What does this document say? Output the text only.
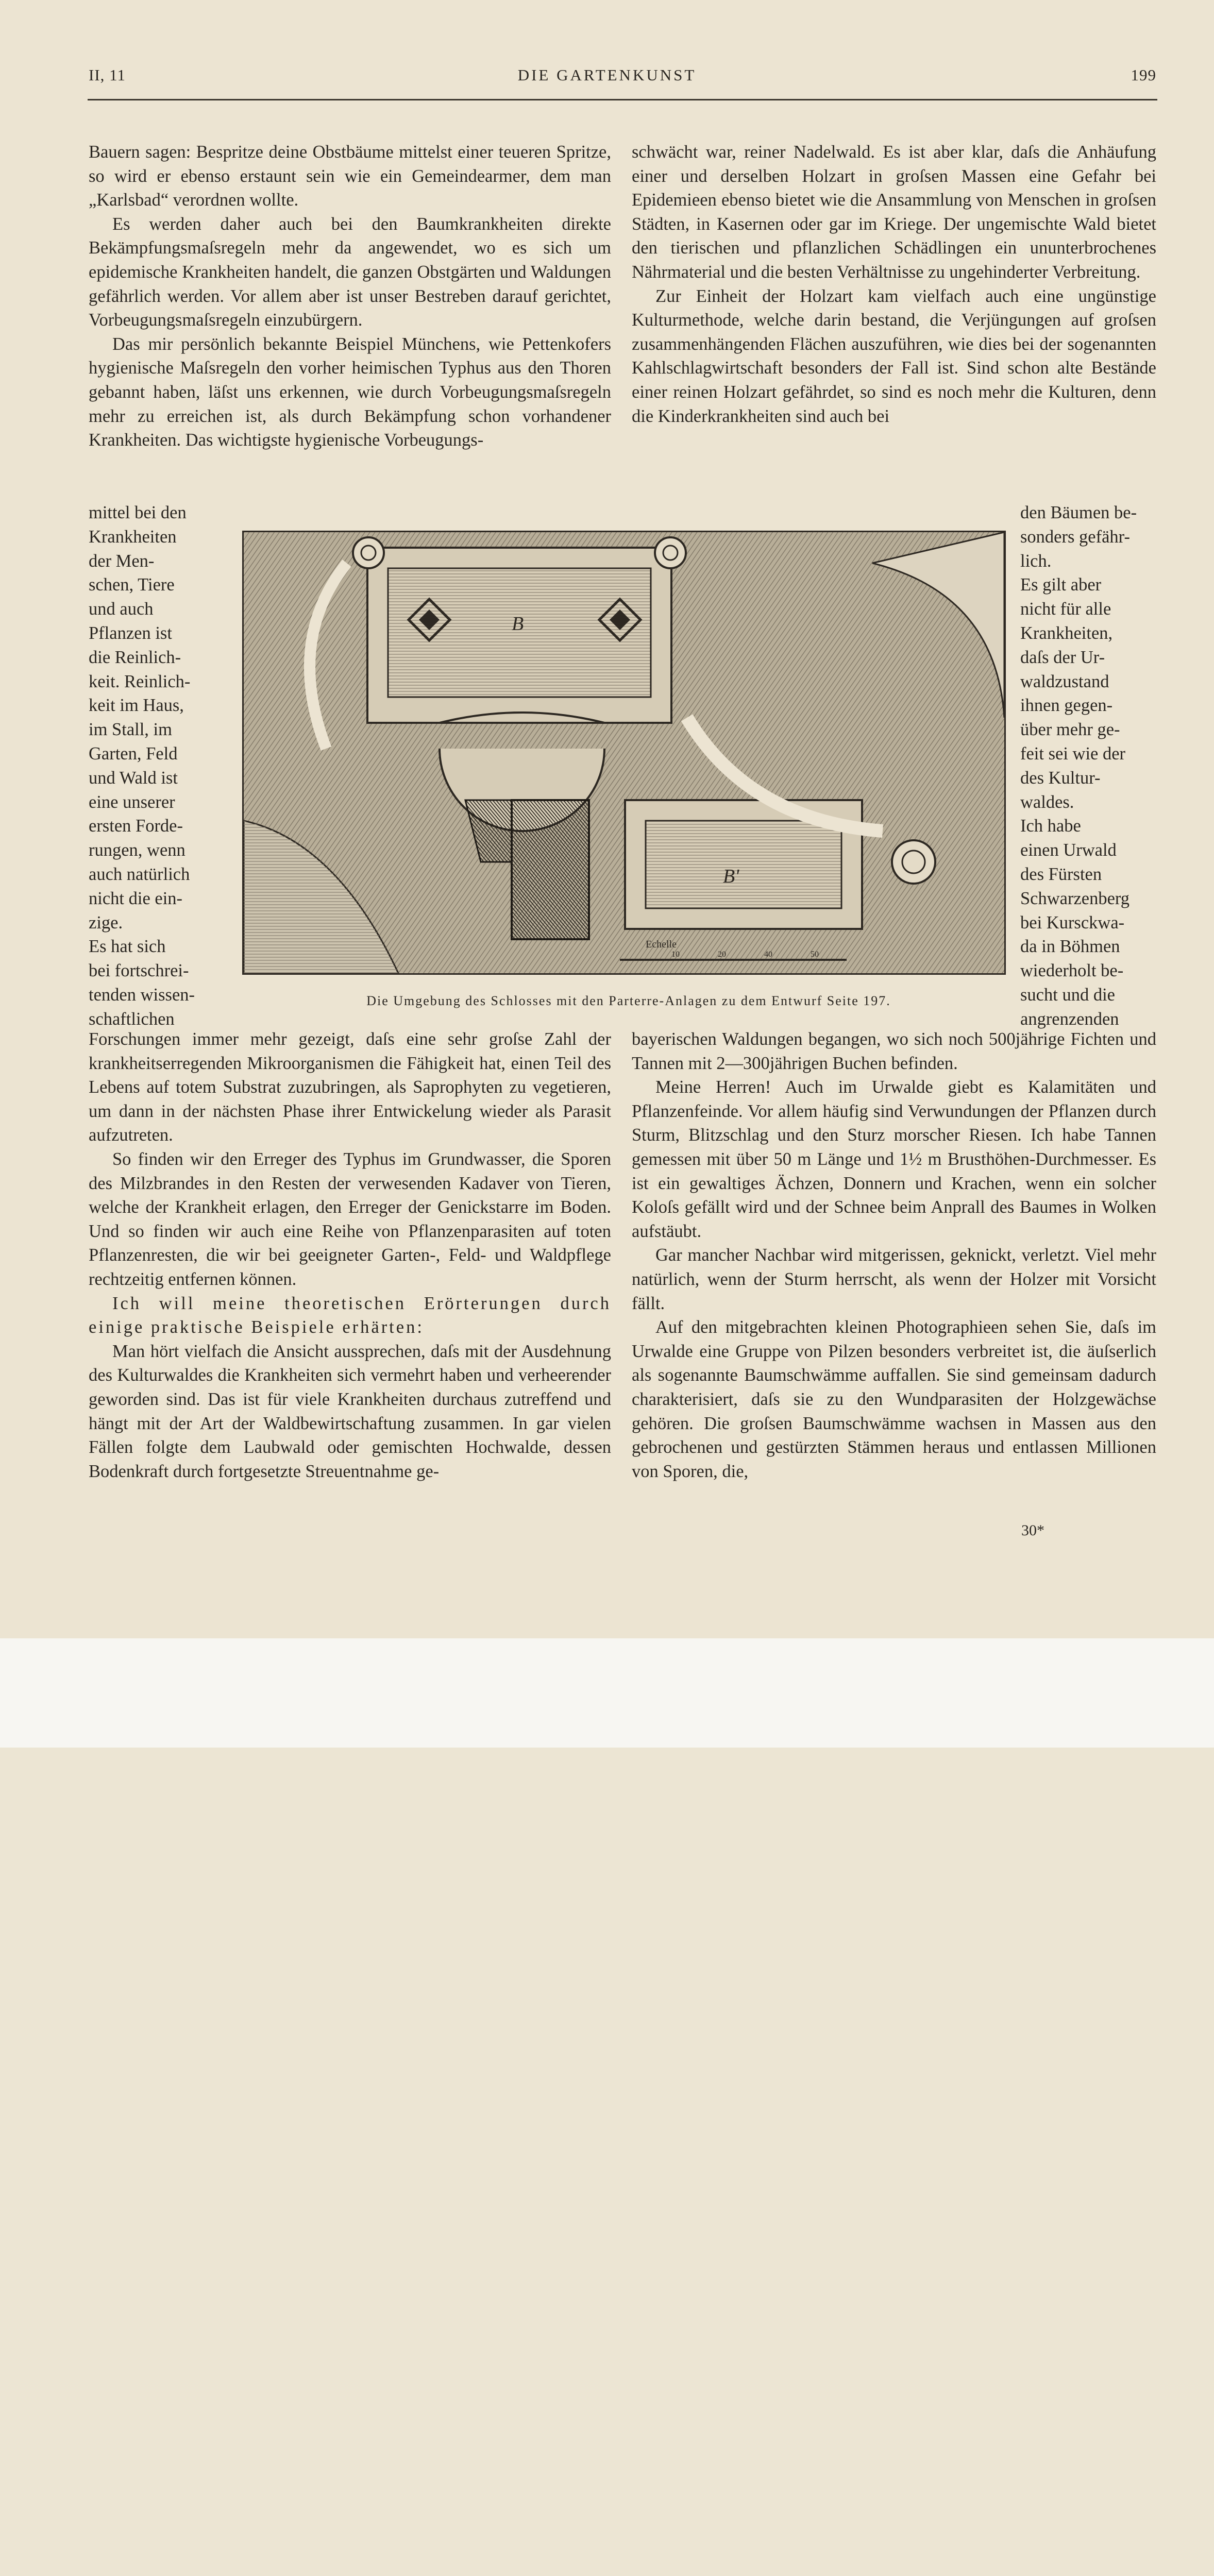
II, 11	DIE GARTENKUNST	199

Bauern sagen: Bespritze deine Obstbäume mittelst einer teueren Spritze, so wird er ebenso erstaunt sein wie ein Gemeindearmer, dem man „Karlsbad“ verordnen wollte.

Es werden daher auch bei den Baumkrankheiten direkte Bekämpfungsmaſsregeln mehr da angewendet, wo es sich um epidemische Krankheiten handelt, die ganzen Obstgärten und Waldungen gefährlich werden. Vor allem aber ist unser Bestreben darauf gerichtet, Vorbeugungsmaſsregeln einzubürgern.

Das mir persönlich bekannte Beispiel Münchens, wie Pettenkofers hygienische Maſsregeln den vorher heimischen Typhus aus den Thoren gebannt haben, läſst uns erkennen, wie durch Vorbeugungsmaſsregeln mehr zu erreichen ist, als durch Bekämpfung schon vorhandener Krankheiten. Das wichtigste hygienische Vorbeugungs-

schwächt war, reiner Nadelwald. Es ist aber klar, daſs die Anhäufung einer und derselben Holzart in groſsen Massen eine Gefahr bei Epidemieen ebenso bietet wie die Ansammlung von Menschen in groſsen Städten, in Kasernen oder gar im Kriege. Der ungemischte Wald bietet den tierischen und pflanzlichen Schädlingen ein ununterbrochenes Nährmaterial und die besten Verhältnisse zu ungehinderter Verbreitung.

Zur Einheit der Holzart kam vielfach auch eine ungünstige Kulturmethode, welche darin bestand, die Verjüngungen auf groſsen zusammenhängenden Flächen auszuführen, wie dies bei der sogenannten Kahlschlagwirtschaft besonders der Fall ist. Sind schon alte Bestände einer reinen Holzart gefährdet, so sind es noch mehr die Kulturen, denn die Kinderkrankheiten sind auch bei

mittel bei den

Krankheiten

der Men-

schen, Tiere

und auch

Pflanzen ist

die Reinlich-

keit. Reinlich-

keit im Haus,

im Stall, im

Garten, Feld

und Wald ist

eine unserer

ersten Forde-

rungen, wenn

auch natürlich

nicht die ein-

zige.

Es hat sich

bei fortschrei-

tenden wissen-

schaftlichen

den Bäumen be-

sonders gefähr-

lich.

Es gilt aber

nicht für alle

Krankheiten,

daſs der Ur-

waldzustand

ihnen gegen-

über mehr ge-

feit sei wie der

des Kultur-

waldes.

Ich habe

einen Urwald

des Fürsten

Schwarzenberg

bei Kursckwa-

da in Böhmen

wiederholt be-

sucht und die

angrenzenden

B
B'
Echelle
10	20	40	50
Die Umgebung des Schlosses mit den Parterre-Anlagen zu dem Entwurf Seite 197.

Forschungen immer mehr gezeigt, daſs eine sehr groſse Zahl der krankheitserregenden Mikroorganismen die Fähigkeit hat, einen Teil des Lebens auf totem Substrat zuzubringen, als Saprophyten zu vegetieren, um dann in der nächsten Phase ihrer Entwickelung wieder als Parasit aufzutreten.

So finden wir den Erreger des Typhus im Grundwasser, die Sporen des Milzbrandes in den Resten der verwesenden Kadaver von Tieren, welche der Krankheit erlagen, den Erreger der Genickstarre im Boden. Und so finden wir auch eine Reihe von Pflanzenparasiten auf toten Pflanzenresten, die wir bei geeigneter Garten-, Feld- und Waldpflege rechtzeitig entfernen können.

Ich will meine theoretischen Erörterungen durch einige praktische Beispiele erhärten:

Man hört vielfach die Ansicht aussprechen, daſs mit der Ausdehnung des Kulturwaldes die Krankheiten sich vermehrt haben und verheerender geworden sind. Das ist für viele Krankheiten durchaus zutreffend und hängt mit der Art der Waldbewirtschaftung zusammen. In gar vielen Fällen folgte dem Laubwald oder gemischten Hochwalde, dessen Bodenkraft durch fortgesetzte Streuentnahme ge-

bayerischen Waldungen begangen, wo sich noch 500jährige Fichten und Tannen mit 2—300jährigen Buchen befinden.

Meine Herren! Auch im Urwalde giebt es Kalamitäten und Pflanzenfeinde. Vor allem häufig sind Verwundungen der Pflanzen durch Sturm, Blitzschlag und den Sturz morscher Riesen. Ich habe Tannen gemessen mit über 50 m Länge und 1½ m Brusthöhen-Durchmesser. Es ist ein gewaltiges Ächzen, Donnern und Krachen, wenn ein solcher Koloſs gefällt wird und der Schnee beim Anprall des Baumes in Wolken aufstäubt.

Gar mancher Nachbar wird mitgerissen, geknickt, verletzt. Viel mehr natürlich, wenn der Sturm herrscht, als wenn der Holzer mit Vorsicht fällt.

Auf den mitgebrachten kleinen Photographieen sehen Sie, daſs im Urwalde eine Gruppe von Pilzen besonders verbreitet ist, die äuſserlich als sogenannte Baumschwämme auffallen. Sie sind gemeinsam dadurch charakterisiert, daſs sie zu den Wundparasiten der Holzgewächse gehören. Die groſsen Baumschwämme wachsen in Massen aus den gebrochenen und gestürzten Stämmen heraus und entlassen Millionen von Sporen, die,

30*
